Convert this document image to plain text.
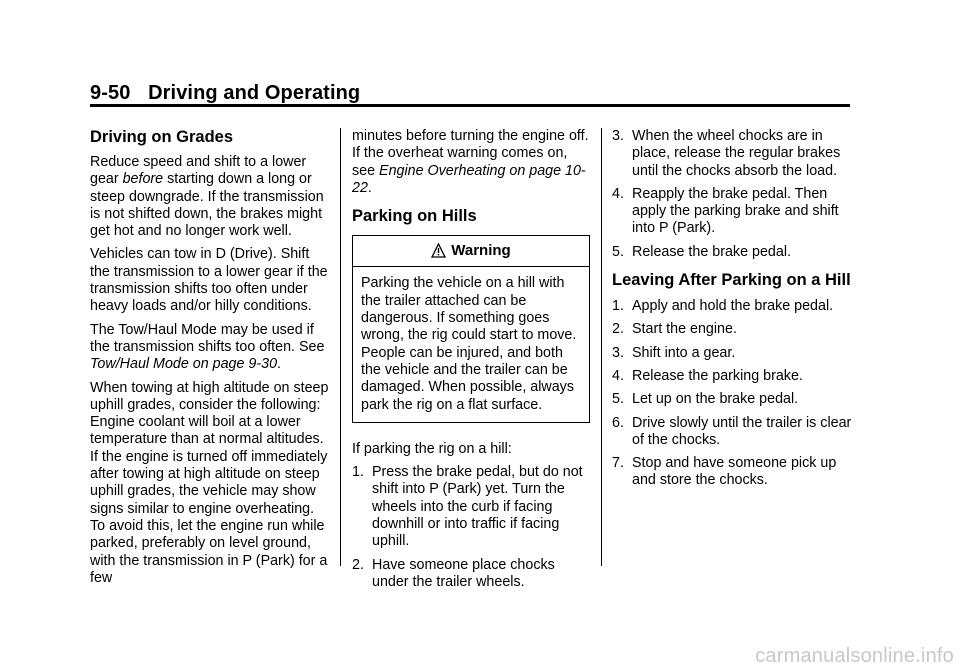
9-50 Driving and Operating
Driving on Grades

Reduce speed and shift to a lower gear before starting down a long or steep downgrade. If the transmission is not shifted down, the brakes might get hot and no longer work well.

Vehicles can tow in D (Drive). Shift the transmission to a lower gear if the transmission shifts too often under heavy loads and/or hilly conditions.

The Tow/Haul Mode may be used if the transmission shifts too often. See Tow/Haul Mode on page 9-30.

When towing at high altitude on steep uphill grades, consider the following: Engine coolant will boil at a lower temperature than at normal altitudes. If the engine is turned off immediately after towing at high altitude on steep uphill grades, the vehicle may show signs similar to engine overheating. To avoid this, let the engine run while parked, preferably on level ground, with the transmission in P (Park) for a few

minutes before turning the engine off. If the overheat warning comes on, see Engine Overheating on page 10-22.

Parking on Hills
Warning
Parking the vehicle on a hill with the trailer attached can be dangerous. If something goes wrong, the rig could start to move. People can be injured, and both the vehicle and the trailer can be damaged. When possible, always park the rig on a flat surface.

If parking the rig on a hill:

1. Press the brake pedal, but do not shift into P (Park) yet. Turn the wheels into the curb if facing downhill or into traffic if facing uphill.
2. Have someone place chocks under the trailer wheels.
3. When the wheel chocks are in place, release the regular brakes until the chocks absorb the load.
4. Reapply the brake pedal. Then apply the parking brake and shift into P (Park).
5. Release the brake pedal.
Leaving After Parking on a Hill
1. Apply and hold the brake pedal.
2. Start the engine.
3. Shift into a gear.
4. Release the parking brake.
5. Let up on the brake pedal.
6. Drive slowly until the trailer is clear of the chocks.
7. Stop and have someone pick up and store the chocks.
carmanualsonline.info
